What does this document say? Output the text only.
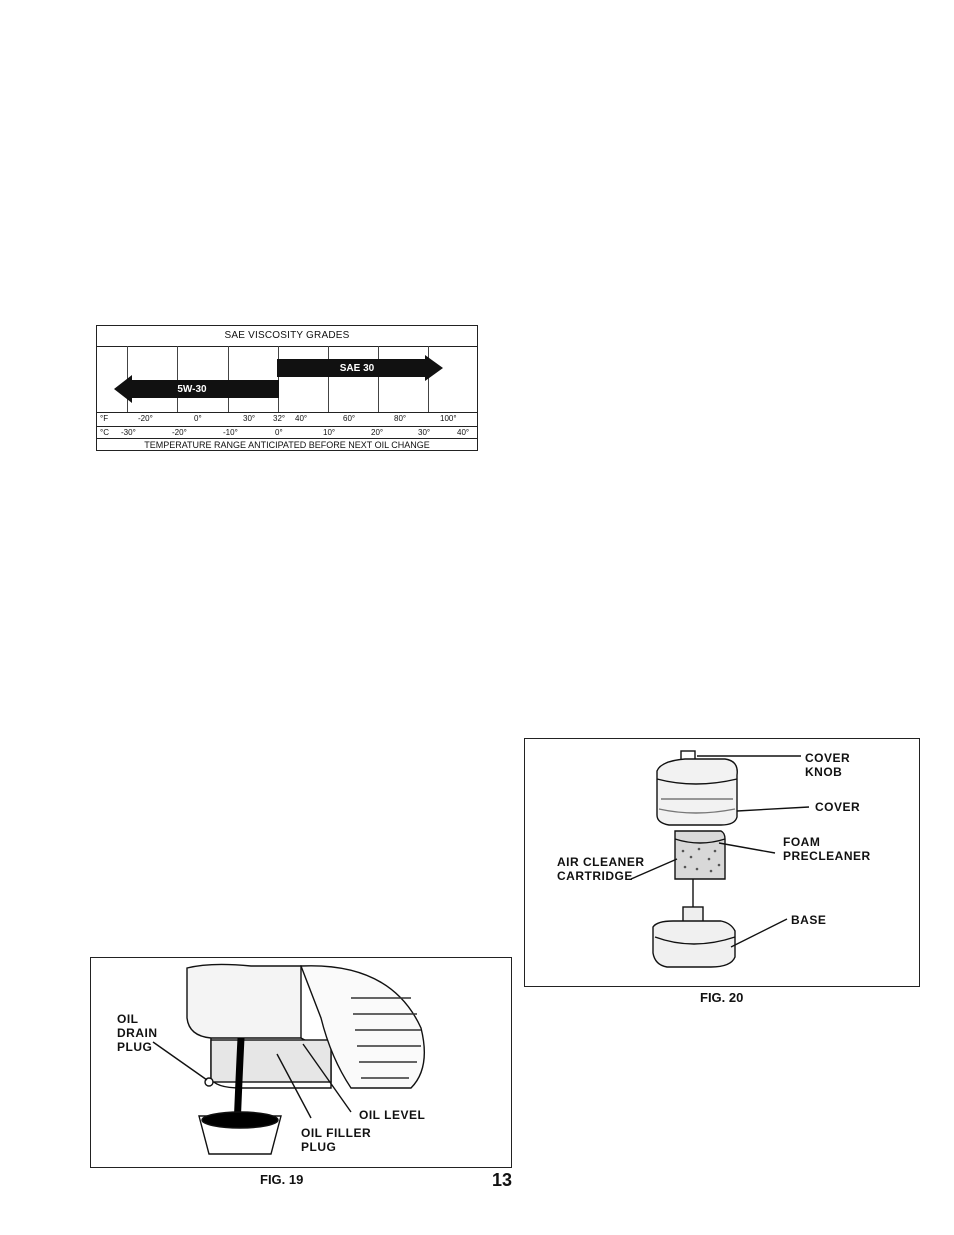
SAE VISCOSITY GRADES
SAE 30
5W-30
°F	-20°	0°	30° 32° 40°	60°	80°	100°
°C -30°	-20°	-10°	0°	10°	20°	30°	40°
TEMPERATURE RANGE ANTICIPATED BEFORE NEXT OIL CHANGE
COVER
KNOB
COVER
FOAM
PRECLEANER
AIR CLEANER
CARTRIDGE
BASE
FIG. 20
OIL
DRAIN
PLUG
OIL LEVEL
OIL FILLER
PLUG
FIG. 19	13
